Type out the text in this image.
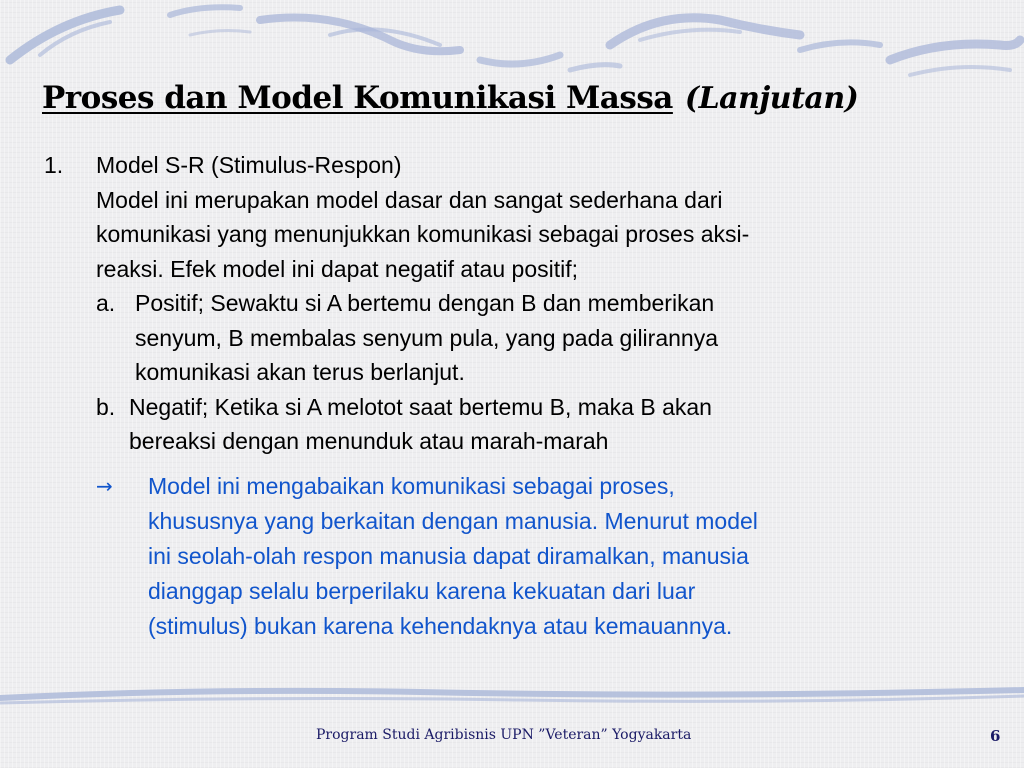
Proses dan Model Komunikasi Massa (Lanjutan)
1. Model S-R (Stimulus-Respon)
Model ini merupakan model dasar dan sangat sederhana dari
komunikasi yang menunjukkan komunikasi sebagai proses aksi-
reaksi. Efek model ini dapat negatif atau positif;
a. Positif; Sewaktu si A bertemu dengan B dan memberikan
senyum, B membalas senyum pula, yang pada gilirannya
komunikasi akan terus berlanjut.
b. Negatif; Ketika si A melotot saat bertemu B, maka B akan
bereaksi dengan menunduk atau marah-marah
→ Model ini mengabaikan komunikasi sebagai proses,
khususnya yang berkaitan dengan manusia. Menurut model
ini seolah-olah respon manusia dapat diramalkan, manusia
dianggap selalu berperilaku karena kekuatan dari luar
(stimulus) bukan karena kehendaknya atau kemauannya.
Program Studi Agribisnis UPN ”Veteran” Yogyakarta	6
